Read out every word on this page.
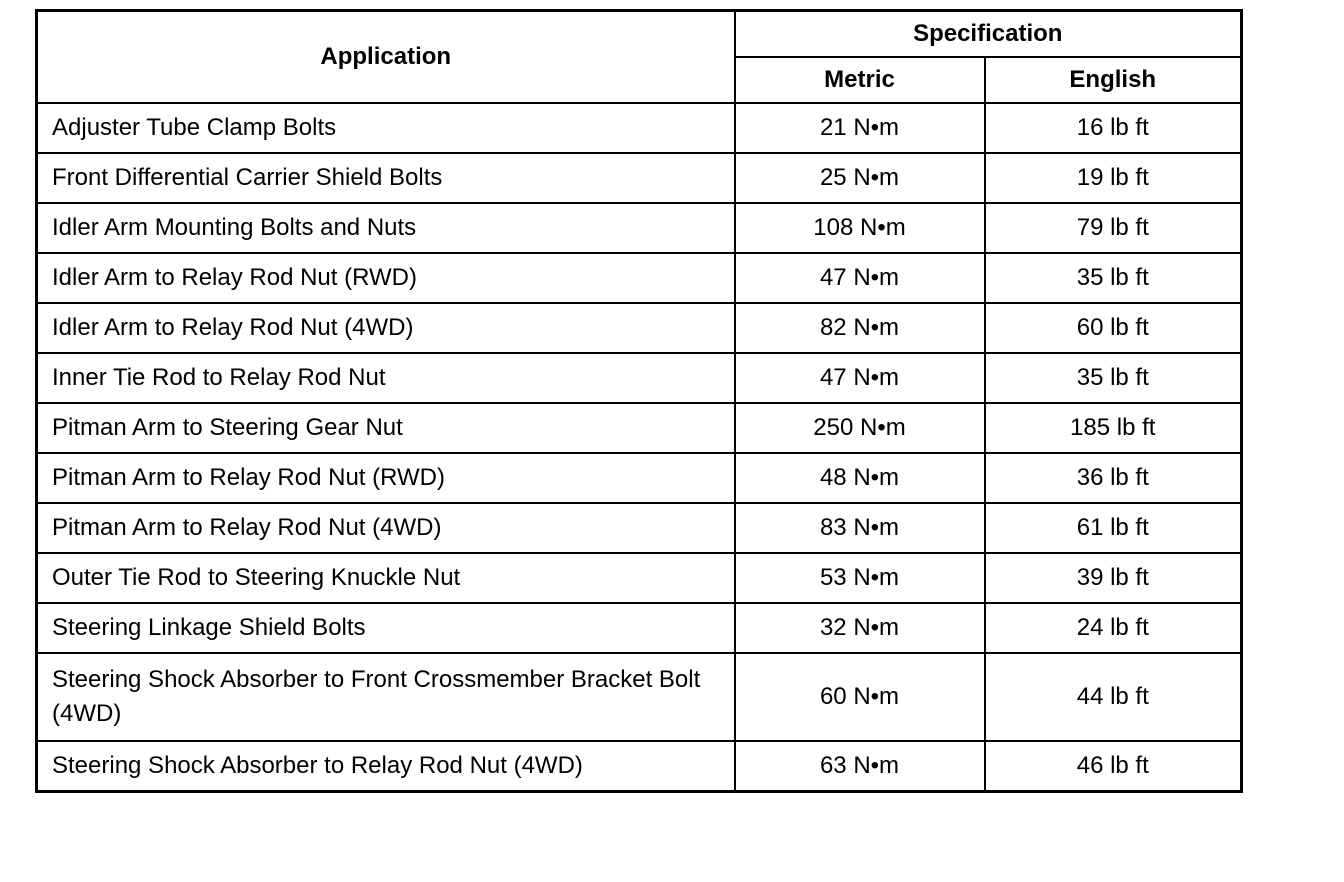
Application	Specification	
	Metric	English
Adjuster Tube Clamp Bolts	21 N•m	16 lb ft
Front Differential Carrier Shield Bolts	25 N•m	19 lb ft
Idler Arm Mounting Bolts and Nuts	108 N•m	79 lb ft
Idler Arm to Relay Rod Nut (RWD)	47 N•m	35 lb ft
Idler Arm to Relay Rod Nut (4WD)	82 N•m	60 lb ft
Inner Tie Rod to Relay Rod Nut	47 N•m	35 lb ft
Pitman Arm to Steering Gear Nut	250 N•m	185 lb ft
Pitman Arm to Relay Rod Nut (RWD)	48 N•m	36 lb ft
Pitman Arm to Relay Rod Nut (4WD)	83 N•m	61 lb ft
Outer Tie Rod to Steering Knuckle Nut	53 N•m	39 lb ft
Steering Linkage Shield Bolts	32 N•m	24 lb ft
Steering Shock Absorber to Front Crossmember Bracket Bolt (4WD)	60 N•m	44 lb ft
Steering Shock Absorber to Relay Rod Nut (4WD)	63 N•m	46 lb ft
